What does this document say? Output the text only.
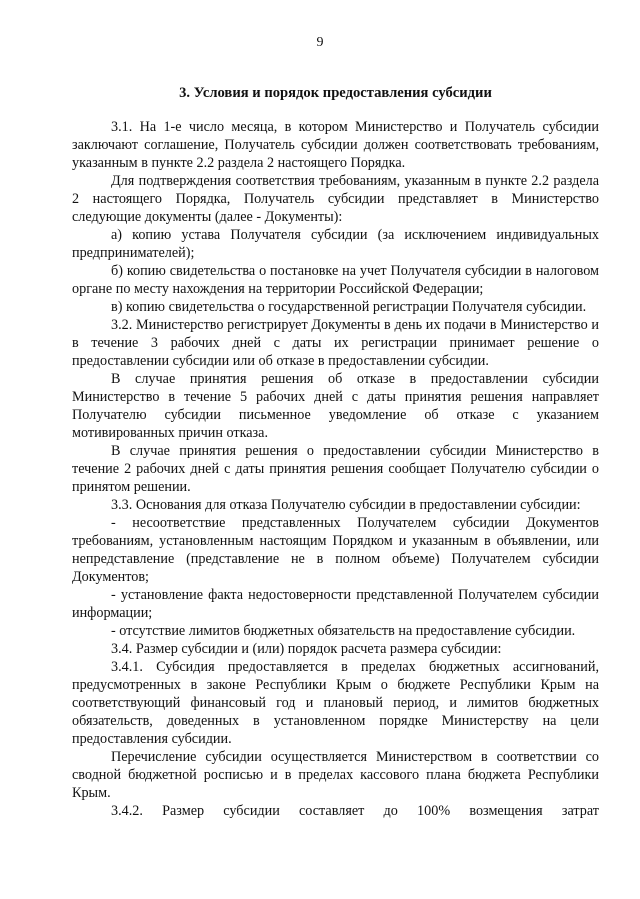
9
3. Условия и порядок предоставления субсидии

3.1. На 1-е число месяца, в котором Министерство и Получатель субсидии заключают соглашение, Получатель субсидии должен соответствовать требованиям, указанным в пункте 2.2 раздела 2 настоящего Порядка.

Для подтверждения соответствия требованиям, указанным в пункте 2.2 раздела 2 настоящего Порядка, Получатель субсидии представляет в Министерство следующие документы (далее - Документы):

а) копию устава Получателя субсидии (за исключением индивидуальных предпринимателей);

б) копию свидетельства о постановке на учет Получателя субсидии в налоговом органе по месту нахождения на территории Российской Федерации;

в) копию свидетельства о государственной регистрации Получателя субсидии.

3.2. Министерство регистрирует Документы в день их подачи в Министерство и в течение 3 рабочих дней с даты их регистрации принимает решение о предоставлении субсидии или об отказе в предоставлении субсидии.

В случае принятия решения об отказе в предоставлении субсидии Министерство в течение 5 рабочих дней с даты принятия решения направляет Получателю субсидии письменное уведомление об отказе с указанием мотивированных причин отказа.

В случае принятия решения о предоставлении субсидии Министерство в течение 2 рабочих дней с даты принятия решения сообщает Получателю субсидии о принятом решении.

3.3. Основания для отказа Получателю субсидии в предоставлении субсидии:

- несоответствие представленных Получателем субсидии Документов требованиям, установленным настоящим Порядком и указанным в объявлении, или непредставление (представление не в полном объеме) Получателем субсидии Документов;

- установление факта недостоверности представленной Получателем субсидии информации;

- отсутствие лимитов бюджетных обязательств на предоставление субсидии.

3.4. Размер субсидии и (или) порядок расчета размера субсидии:

3.4.1. Субсидия предоставляется в пределах бюджетных ассигнований, предусмотренных в законе Республики Крым о бюджете Республики Крым на соответствующий финансовый год и плановый период, и лимитов бюджетных обязательств, доведенных в установленном порядке Министерству на цели предоставления субсидии.

Перечисление субсидии осуществляется Министерством в соответствии со сводной бюджетной росписью и в пределах кассового плана бюджета Республики Крым.

3.4.2. Размер субсидии составляет до 100% возмещения затрат
